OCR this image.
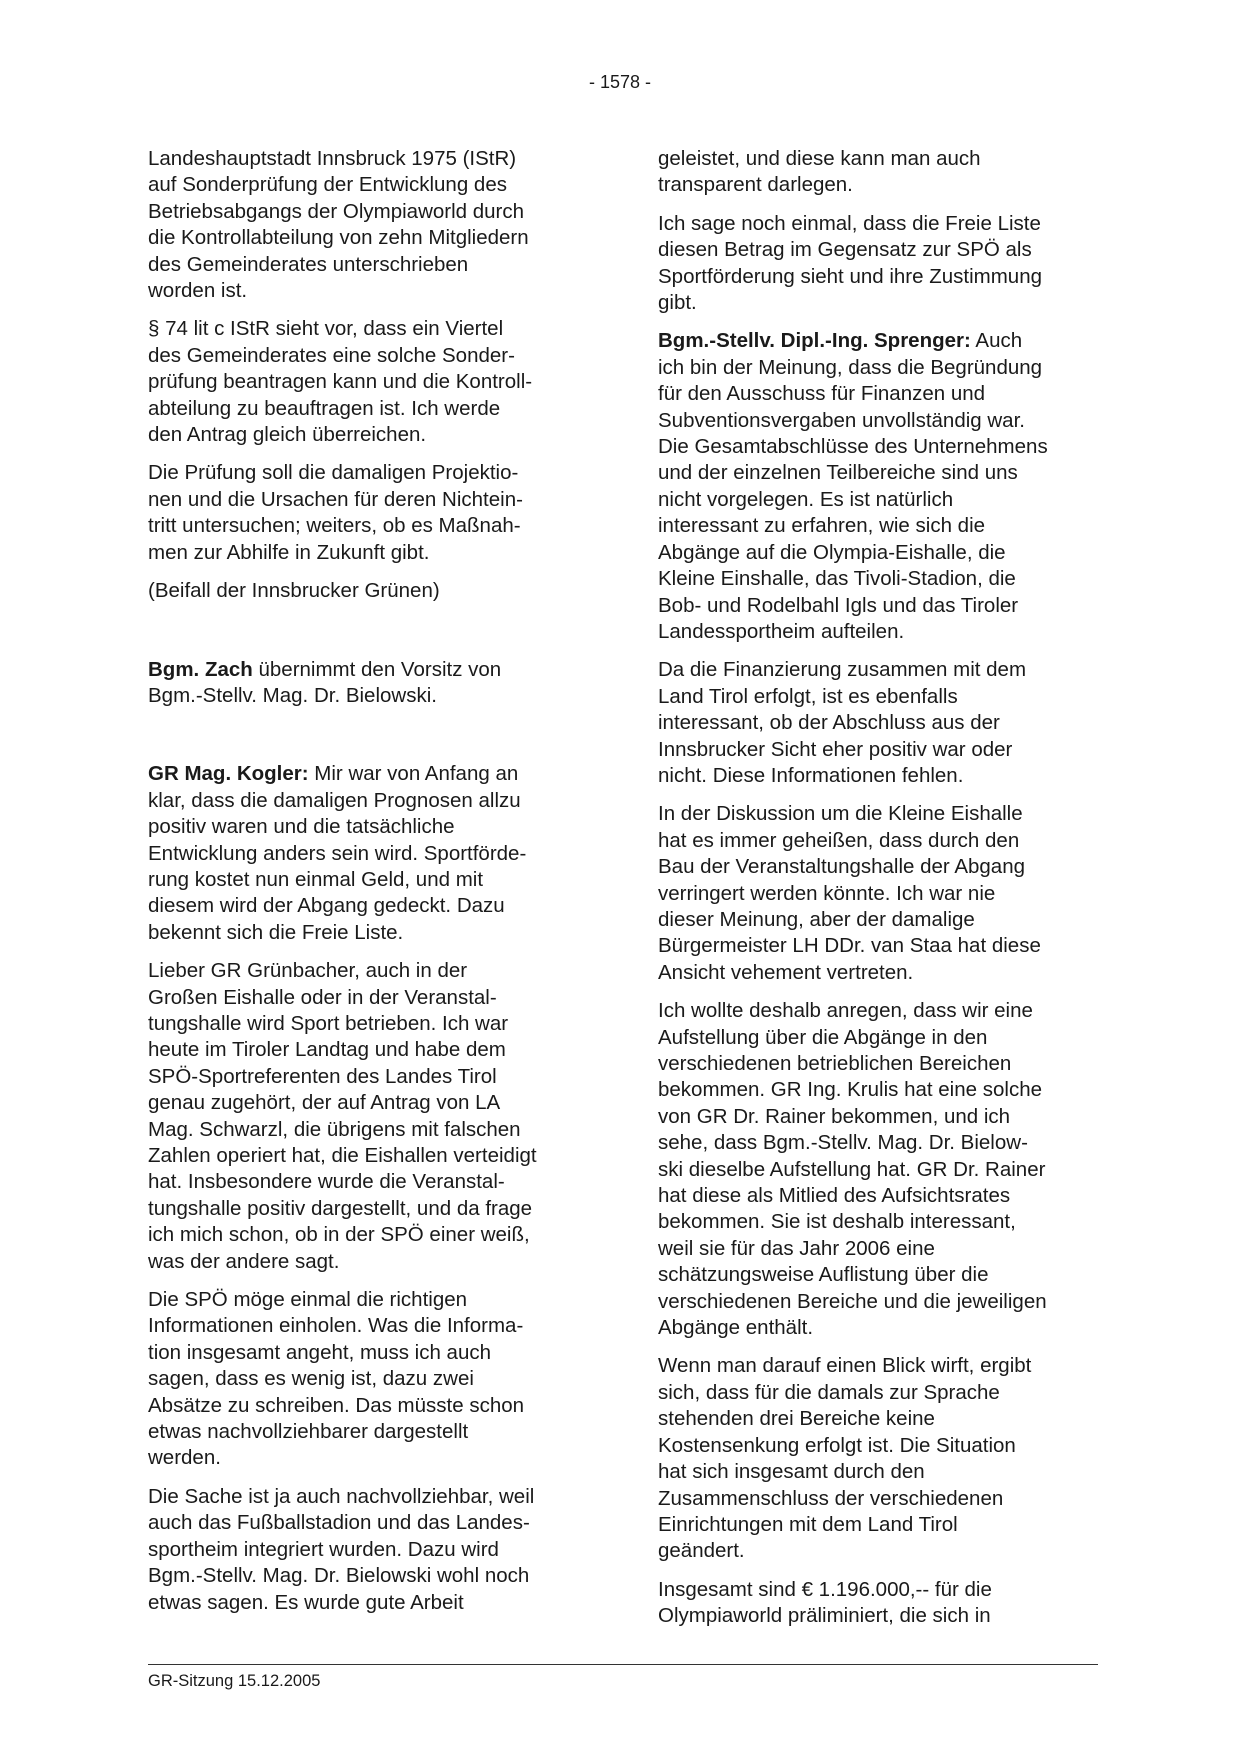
- 1578 -

Landeshauptstadt Innsbruck 1975 (IStR)
auf Sonderprüfung der Entwicklung des
Betriebsabgangs der Olympiaworld durch
die Kontrollabteilung von zehn Mitgliedern
des Gemeinderates unterschrieben
worden ist.

§ 74 lit c IStR sieht vor, dass ein Viertel
des Gemeinderates eine solche Sonder-
prüfung beantragen kann und die Kontroll-
abteilung zu beauftragen ist. Ich werde
den Antrag gleich überreichen.

Die Prüfung soll die damaligen Projektio-
nen und die Ursachen für deren Nichtein-
tritt untersuchen; weiters, ob es Maßnah-
men zur Abhilfe in Zukunft gibt.

(Beifall der Innsbrucker Grünen)

Bgm. Zach übernimmt den Vorsitz von
Bgm.-Stellv. Mag. Dr. Bielowski.

GR Mag. Kogler: Mir war von Anfang an
klar, dass die damaligen Prognosen allzu
positiv waren und die tatsächliche
Entwicklung anders sein wird. Sportförde-
rung kostet nun einmal Geld, und mit
diesem wird der Abgang gedeckt. Dazu
bekennt sich die Freie Liste.

Lieber GR Grünbacher, auch in der
Großen Eishalle oder in der Veranstal-
tungshalle wird Sport betrieben. Ich war
heute im Tiroler Landtag und habe dem
SPÖ-Sportreferenten des Landes Tirol
genau zugehört, der auf Antrag von LA
Mag. Schwarzl, die übrigens mit falschen
Zahlen operiert hat, die Eishallen verteidigt
hat. Insbesondere wurde die Veranstal-
tungshalle positiv dargestellt, und da frage
ich mich schon, ob in der SPÖ einer weiß,
was der andere sagt.

Die SPÖ möge einmal die richtigen
Informationen einholen. Was die Informa-
tion insgesamt angeht, muss ich auch
sagen, dass es wenig ist, dazu zwei
Absätze zu schreiben. Das müsste schon
etwas nachvollziehbarer dargestellt
werden.

Die Sache ist ja auch nachvollziehbar, weil
auch das Fußballstadion und das Landes-
sportheim integriert wurden. Dazu wird
Bgm.-Stellv. Mag. Dr. Bielowski wohl noch
etwas sagen. Es wurde gute Arbeit

geleistet, und diese kann man auch
transparent darlegen.

Ich sage noch einmal, dass die Freie Liste
diesen Betrag im Gegensatz zur SPÖ als
Sportförderung sieht und ihre Zustimmung
gibt.

Bgm.-Stellv. Dipl.-Ing. Sprenger: Auch
ich bin der Meinung, dass die Begründung
für den Ausschuss für Finanzen und
Subventionsvergaben unvollständig war.
Die Gesamtabschlüsse des Unternehmens
und der einzelnen Teilbereiche sind uns
nicht vorgelegen. Es ist natürlich
interessant zu erfahren, wie sich die
Abgänge auf die Olympia-Eishalle, die
Kleine Einshalle, das Tivoli-Stadion, die
Bob- und Rodelbahl Igls und das Tiroler
Landessportheim aufteilen.

Da die Finanzierung zusammen mit dem
Land Tirol erfolgt, ist es ebenfalls
interessant, ob der Abschluss aus der
Innsbrucker Sicht eher positiv war oder
nicht. Diese Informationen fehlen.

In der Diskussion um die Kleine Eishalle
hat es immer geheißen, dass durch den
Bau der Veranstaltungshalle der Abgang
verringert werden könnte. Ich war nie
dieser Meinung, aber der damalige
Bürgermeister LH DDr. van Staa hat diese
Ansicht vehement vertreten.

Ich wollte deshalb anregen, dass wir eine
Aufstellung über die Abgänge in den
verschiedenen betrieblichen Bereichen
bekommen. GR Ing. Krulis hat eine solche
von GR Dr. Rainer bekommen, und ich
sehe, dass Bgm.-Stellv. Mag. Dr. Bielow-
ski dieselbe Aufstellung hat. GR Dr. Rainer
hat diese als Mitlied des Aufsichtsrates
bekommen. Sie ist deshalb interessant,
weil sie für das Jahr 2006 eine
schätzungsweise Auflistung über die
verschiedenen Bereiche und die jeweiligen
Abgänge enthält.

Wenn man darauf einen Blick wirft, ergibt
sich, dass für die damals zur Sprache
stehenden drei Bereiche keine
Kostensenkung erfolgt ist. Die Situation
hat sich insgesamt durch den
Zusammenschluss der verschiedenen
Einrichtungen mit dem Land Tirol
geändert.

Insgesamt sind € 1.196.000,-- für die
Olympiaworld präliminiert, die sich in

GR-Sitzung 15.12.2005
